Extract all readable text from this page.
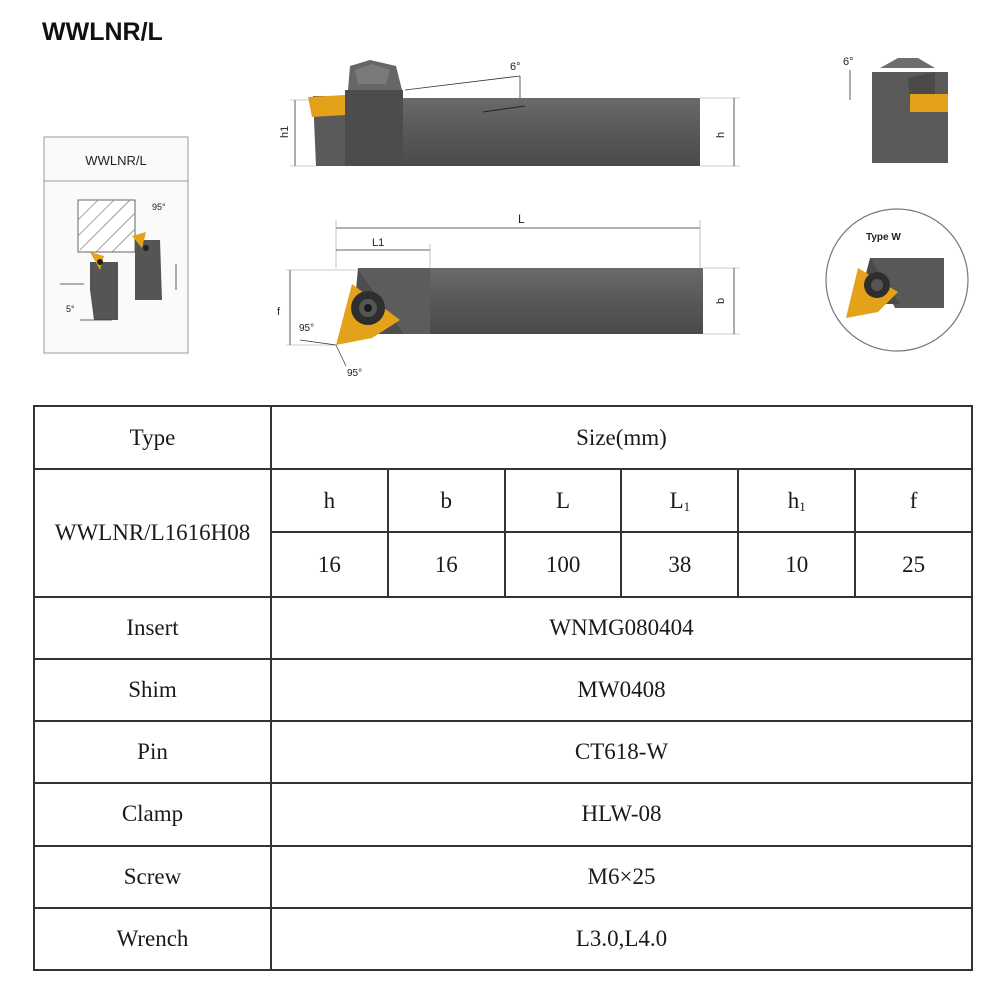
WWLNR/L
WWLNR/L
95°
5°
6°
h1	h
6°
L
L1
f
b
95°
95°
Type W
Type	Size(mm)					
WWLNR/L1616H08	h	b	L	$L_1$	$h_1$	f
	16	16	100	38	10	25
Insert	WNMG080404					
Shim	MW0408					
Pin	CT618-W					
Clamp	HLW-08					
Screw	M6×25					
Wrench	L3.0,L4.0					
